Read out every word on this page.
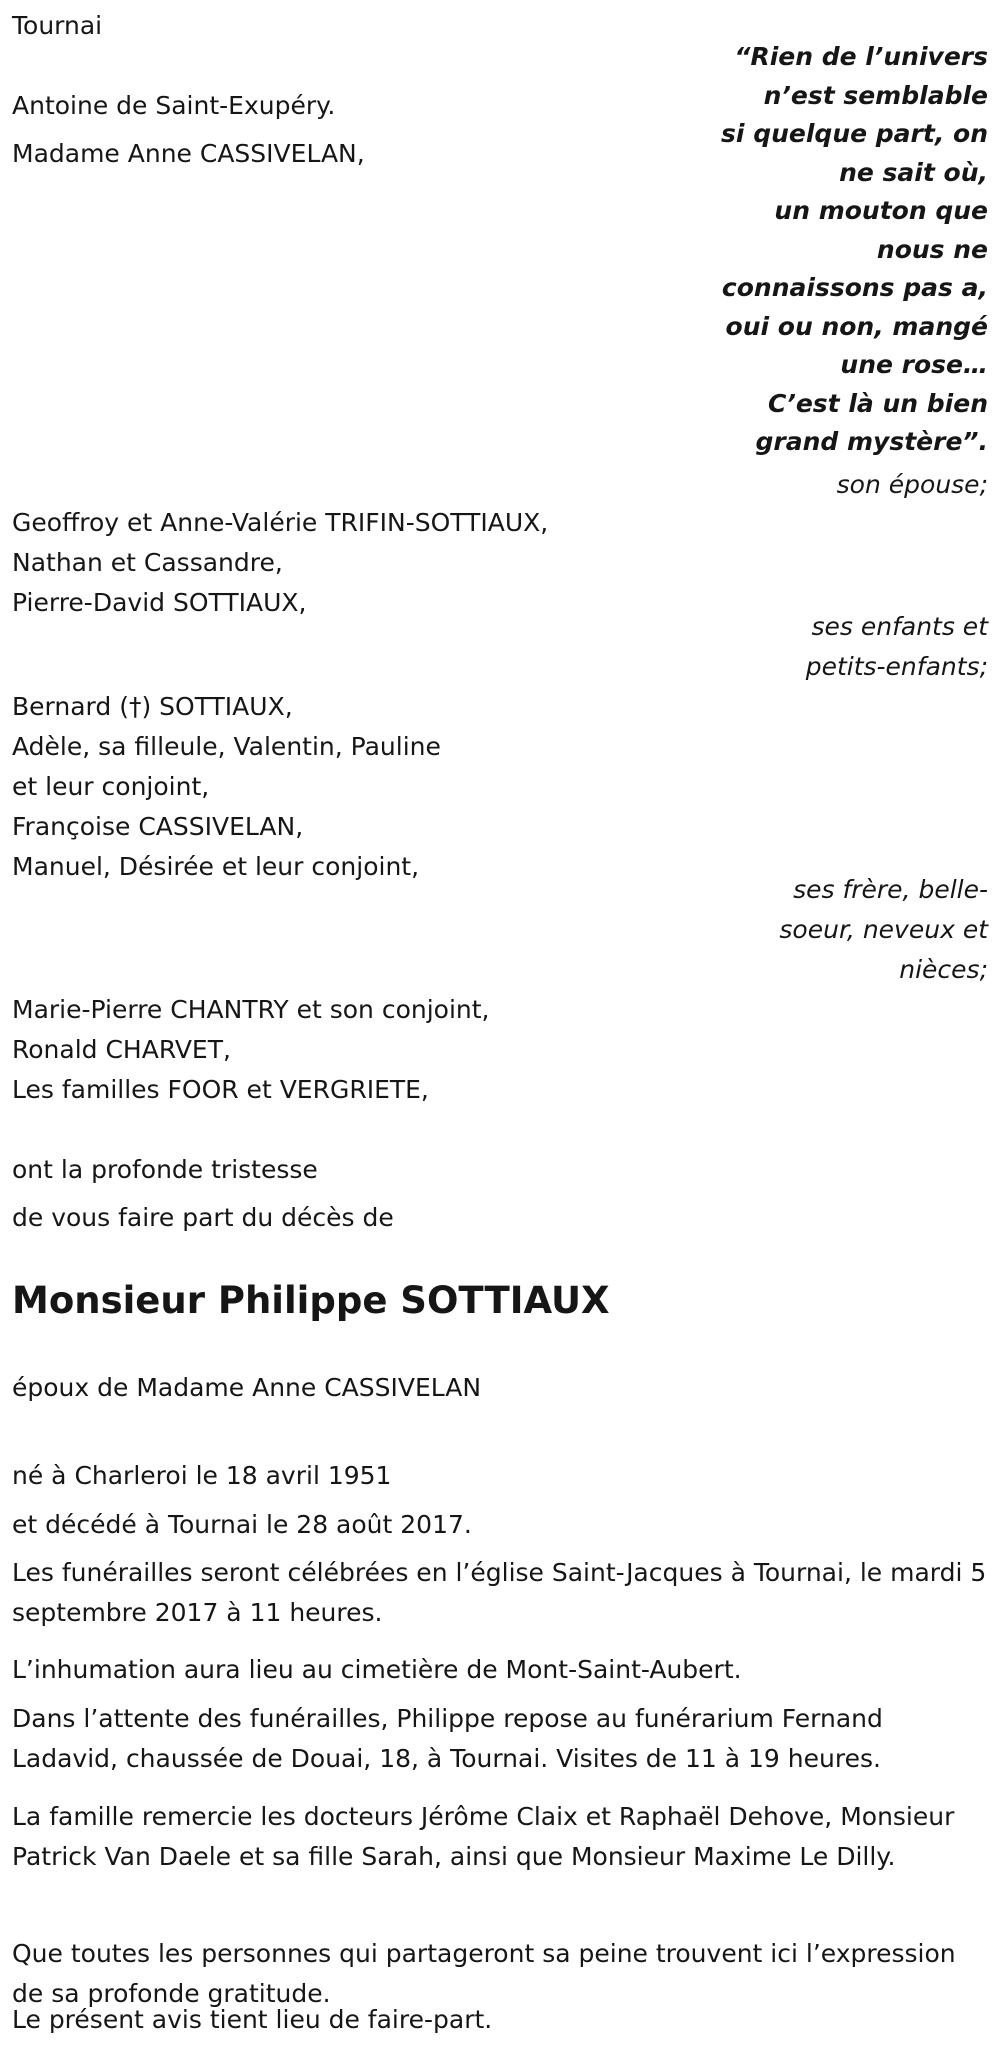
Tournai
“Rien de l’univers
n’est semblable
si quelque part, on
ne sait où,
un mouton que
nous ne
connaissons pas a,
oui ou non, mangé
une rose…
C’est là un bien
grand mystère”.
Antoine de Saint-Exupéry.
Madame Anne CASSIVELAN,
son épouse;
Geoffroy et Anne-Valérie TRIFIN-SOTTIAUX,
Nathan et Cassandre,
Pierre-David SOTTIAUX,
ses enfants et
petits-enfants;
Bernard (†) SOTTIAUX,
Adèle, sa filleule, Valentin, Pauline
et leur conjoint,
Françoise CASSIVELAN,
Manuel, Désirée et leur conjoint,
ses frère, belle-
soeur, neveux et
nièces;
Marie-Pierre CHANTRY et son conjoint,
Ronald CHARVET,
Les familles FOOR et VERGRIETE,
ont la profonde tristesse
de vous faire part du décès de
Monsieur Philippe SOTTIAUX
époux de Madame Anne CASSIVELAN
né à Charleroi le 18 avril 1951
et décédé à Tournai le 28 août 2017.
Les funérailles seront célébrées en l’église Saint-Jacques à Tournai, le mardi 5 septembre 2017 à 11 heures.
L’inhumation aura lieu au cimetière de Mont-Saint-Aubert.
Dans l’attente des funérailles, Philippe repose au funérarium Fernand Ladavid, chaussée de Douai, 18, à Tournai. Visites de 11 à 19 heures.
La famille remercie les docteurs Jérôme Claix et Raphaël Dehove, Monsieur Patrick Van Daele et sa fille Sarah, ainsi que Monsieur Maxime Le Dilly.
Que toutes les personnes qui partageront sa peine trouvent ici l’expression de sa profonde gratitude.
Le présent avis tient lieu de faire-part.
